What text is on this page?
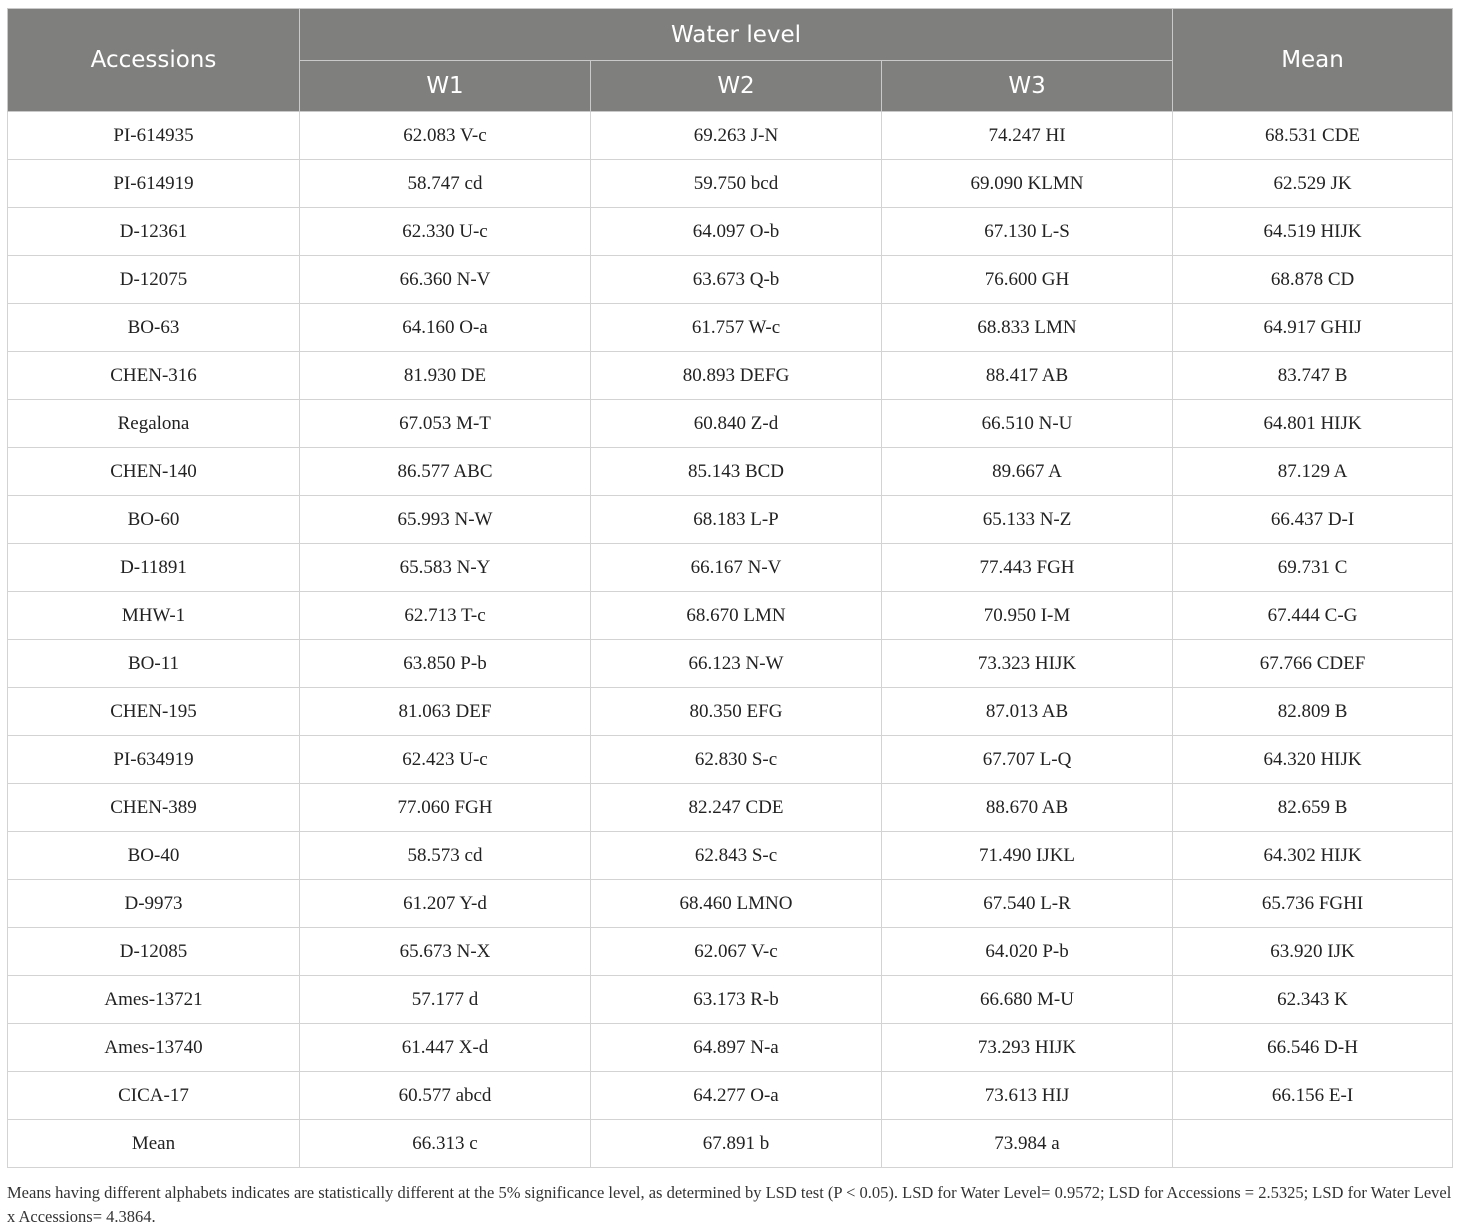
Accessions	Water level			Mean
	W1	W2	W3	
PI-614935	62.083 V-c	69.263 J-N	74.247 HI	68.531 CDE
PI-614919	58.747 cd	59.750 bcd	69.090 KLMN	62.529 JK
D-12361	62.330 U-c	64.097 O-b	67.130 L-S	64.519 HIJK
D-12075	66.360 N-V	63.673 Q-b	76.600 GH	68.878 CD
BO-63	64.160 O-a	61.757 W-c	68.833 LMN	64.917 GHIJ
CHEN-316	81.930 DE	80.893 DEFG	88.417 AB	83.747 B
Regalona	67.053 M-T	60.840 Z-d	66.510 N-U	64.801 HIJK
CHEN-140	86.577 ABC	85.143 BCD	89.667 A	87.129 A
BO-60	65.993 N-W	68.183 L-P	65.133 N-Z	66.437 D-I
D-11891	65.583 N-Y	66.167 N-V	77.443 FGH	69.731 C
MHW-1	62.713 T-c	68.670 LMN	70.950 I-M	67.444 C-G
BO-11	63.850 P-b	66.123 N-W	73.323 HIJK	67.766 CDEF
CHEN-195	81.063 DEF	80.350 EFG	87.013 AB	82.809 B
PI-634919	62.423 U-c	62.830 S-c	67.707 L-Q	64.320 HIJK
CHEN-389	77.060 FGH	82.247 CDE	88.670 AB	82.659 B
BO-40	58.573 cd	62.843 S-c	71.490 IJKL	64.302 HIJK
D-9973	61.207 Y-d	68.460 LMNO	67.540 L-R	65.736 FGHI
D-12085	65.673 N-X	62.067 V-c	64.020 P-b	63.920 IJK
Ames-13721	57.177 d	63.173 R-b	66.680 M-U	62.343 K
Ames-13740	61.447 X-d	64.897 N-a	73.293 HIJK	66.546 D-H
CICA-17	60.577 abcd	64.277 O-a	73.613 HIJ	66.156 E-I
Mean	66.313 c	67.891 b	73.984 a	
Means having different alphabets indicates are statistically different at the 5% significance level, as determined by LSD test (P < 0.05). LSD for Water Level= 0.9572; LSD for Accessions = 2.5325; LSD for Water Level x Accessions= 4.3864.
